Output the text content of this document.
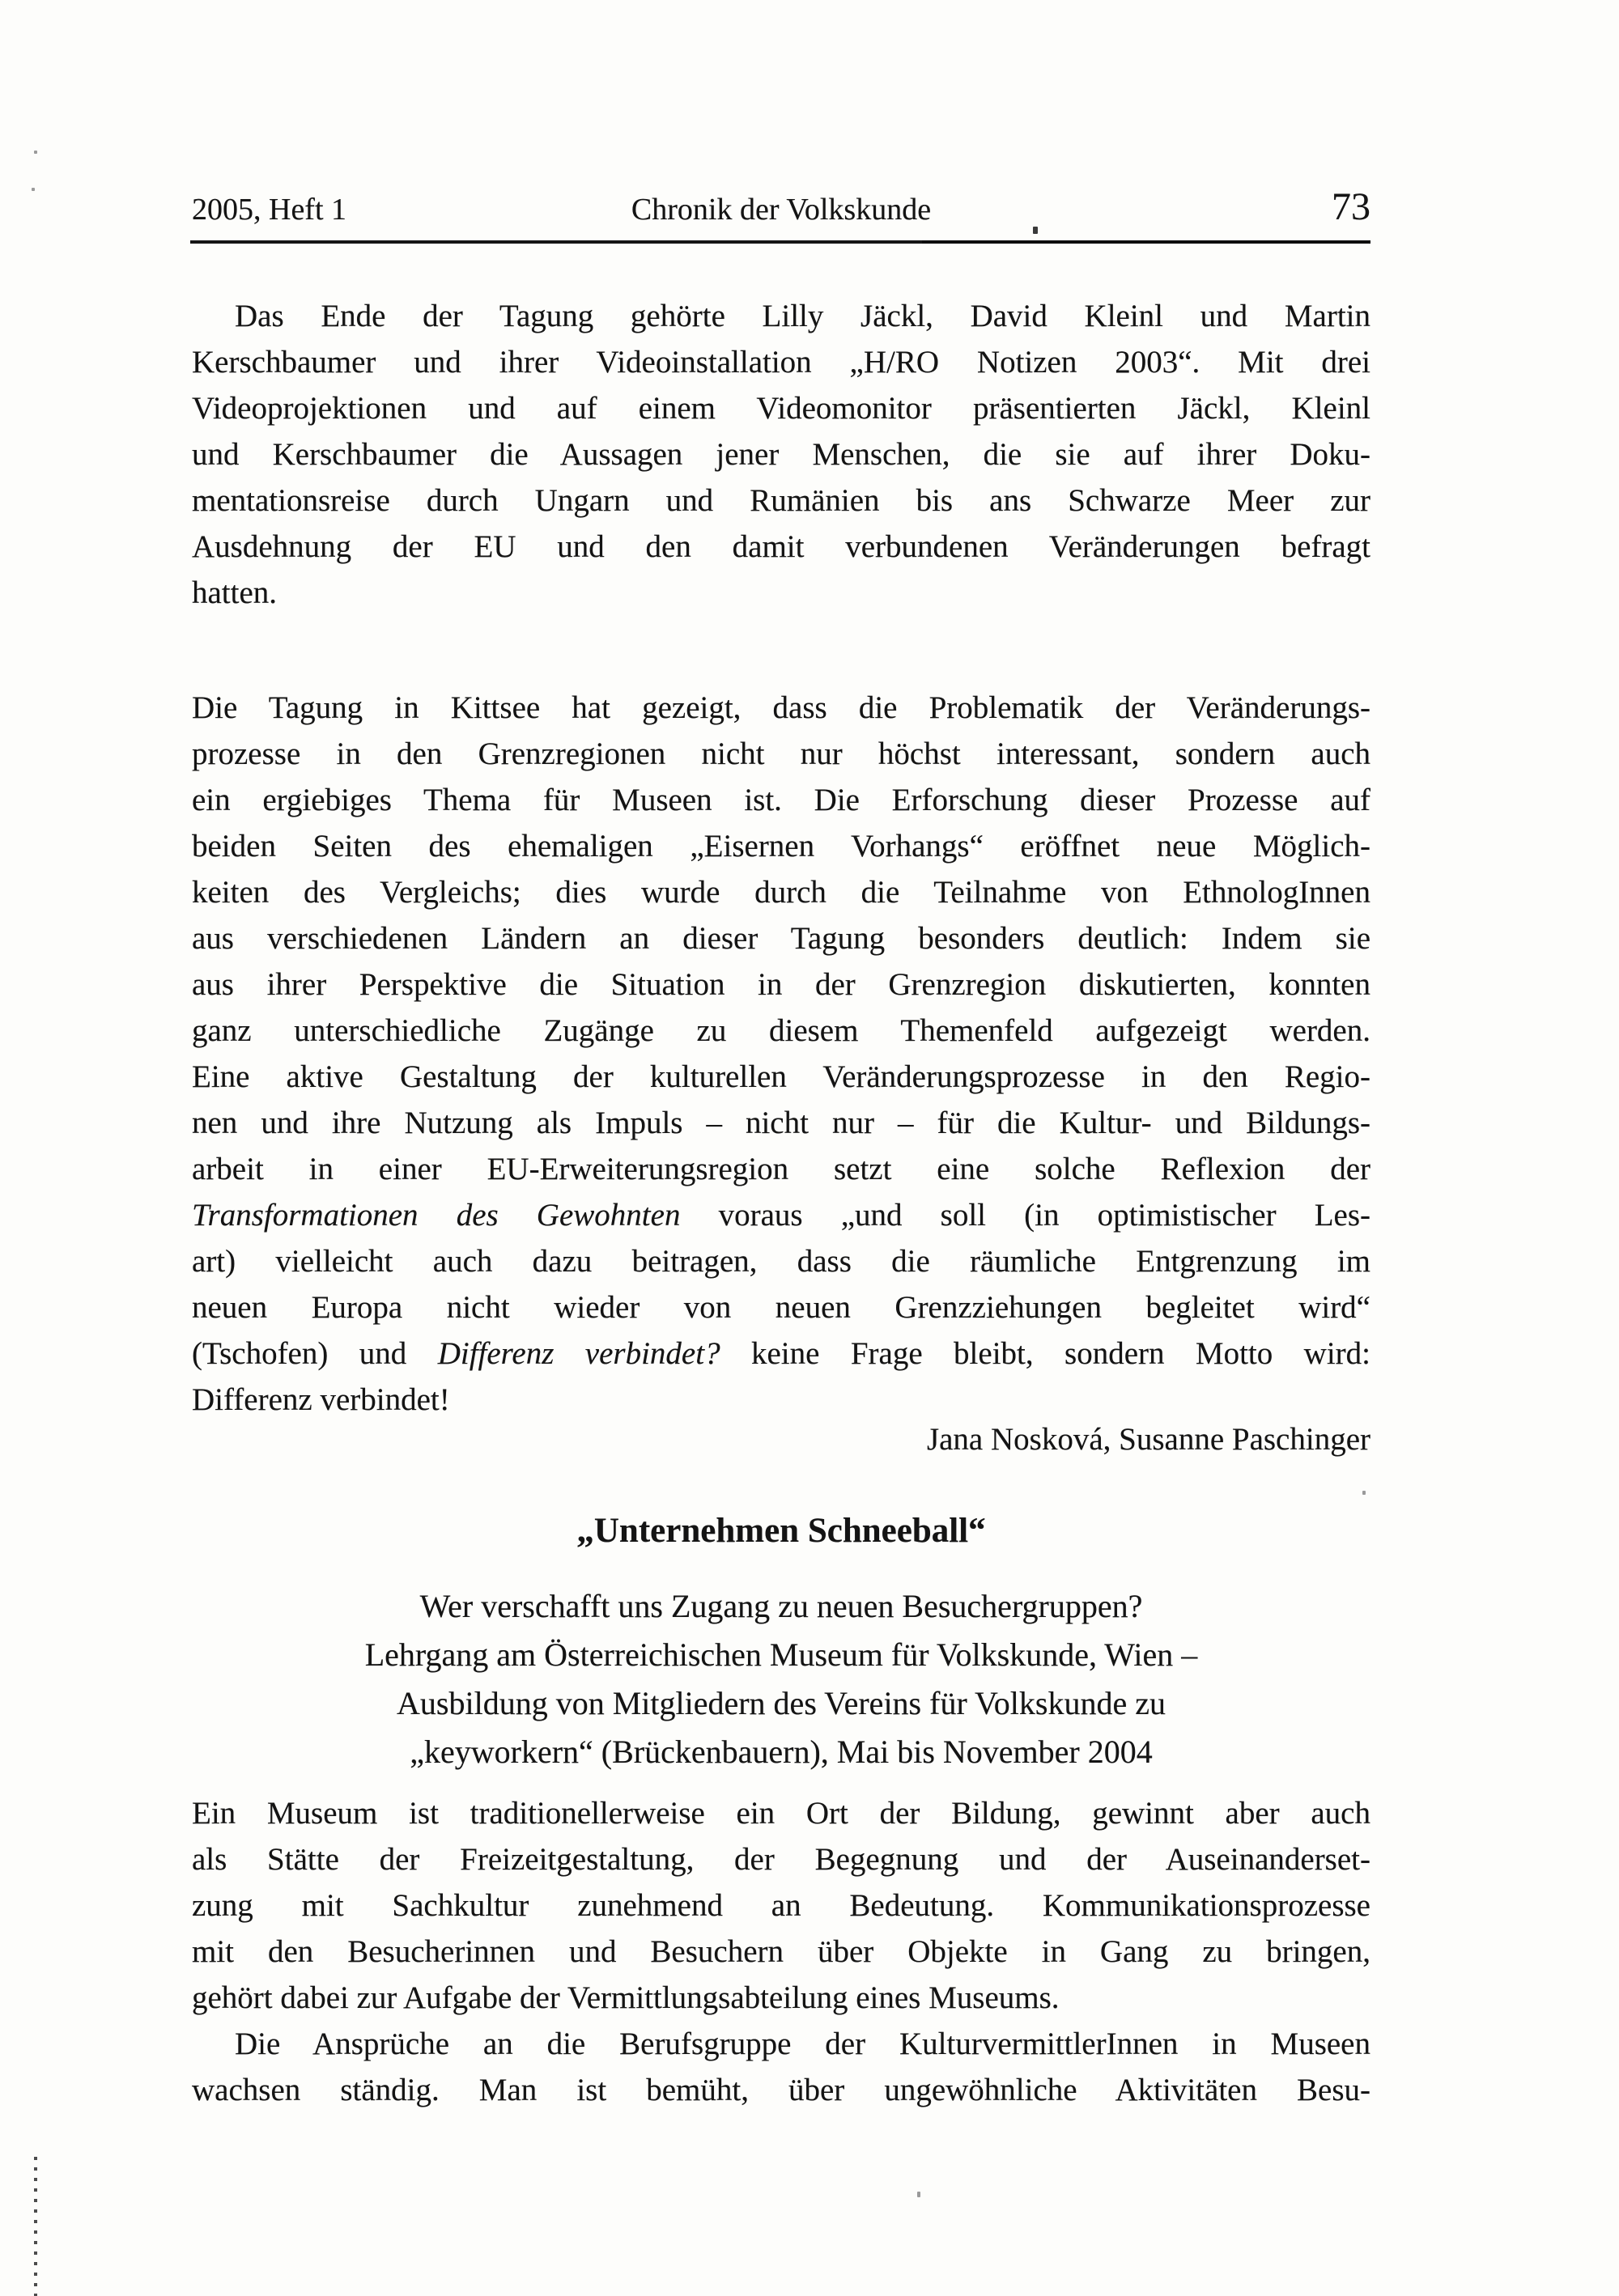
2005, Heft 1	Chronik der Volkskunde	73
Das Ende der Tagung gehörte Lilly Jäckl, David Kleinl und Martin
Kerschbaumer und ihrer Videoinstallation „H/RO Notizen 2003“. Mit drei
Videoprojektionen und auf einem Videomonitor präsentierten Jäckl, Kleinl
und Kerschbaumer die Aussagen jener Menschen, die sie auf ihrer Doku-
mentationsreise durch Ungarn und Rumänien bis ans Schwarze Meer zur
Ausdehnung der EU und den damit verbundenen Veränderungen befragt
hatten.
Die Tagung in Kittsee hat gezeigt, dass die Problematik der Veränderungs-
prozesse in den Grenzregionen nicht nur höchst interessant, sondern auch
ein ergiebiges Thema für Museen ist. Die Erforschung dieser Prozesse auf
beiden Seiten des ehemaligen „Eisernen Vorhangs“ eröffnet neue Möglich-
keiten des Vergleichs; dies wurde durch die Teilnahme von EthnologInnen
aus verschiedenen Ländern an dieser Tagung besonders deutlich: Indem sie
aus ihrer Perspektive die Situation in der Grenzregion diskutierten, konnten
ganz unterschiedliche Zugänge zu diesem Themenfeld aufgezeigt werden.
Eine aktive Gestaltung der kulturellen Veränderungsprozesse in den Regio-
nen und ihre Nutzung als Impuls – nicht nur – für die Kultur- und Bildungs-
arbeit in einer EU-Erweiterungsregion setzt eine solche Reflexion der
Transformationen des Gewohnten voraus „und soll (in optimistischer Les-
art) vielleicht auch dazu beitragen, dass die räumliche Entgrenzung im
neuen Europa nicht wieder von neuen Grenzziehungen begleitet wird“
(Tschofen) und Differenz verbindet? keine Frage bleibt, sondern Motto wird:
Differenz verbindet!
Jana Nosková, Susanne Paschinger
„Unternehmen Schneeball“
Wer verschafft uns Zugang zu neuen Besuchergruppen?
Lehrgang am Österreichischen Museum für Volkskunde, Wien –
Ausbildung von Mitgliedern des Vereins für Volkskunde zu
„keyworkern“ (Brückenbauern), Mai bis November 2004
Ein Museum ist traditionellerweise ein Ort der Bildung, gewinnt aber auch
als Stätte der Freizeitgestaltung, der Begegnung und der Auseinanderset-
zung mit Sachkultur zunehmend an Bedeutung. Kommunikationsprozesse
mit den Besucherinnen und Besuchern über Objekte in Gang zu bringen,
gehört dabei zur Aufgabe der Vermittlungsabteilung eines Museums.
Die Ansprüche an die Berufsgruppe der KulturvermittlerInnen in Museen
wachsen ständig. Man ist bemüht, über ungewöhnliche Aktivitäten Besu-
